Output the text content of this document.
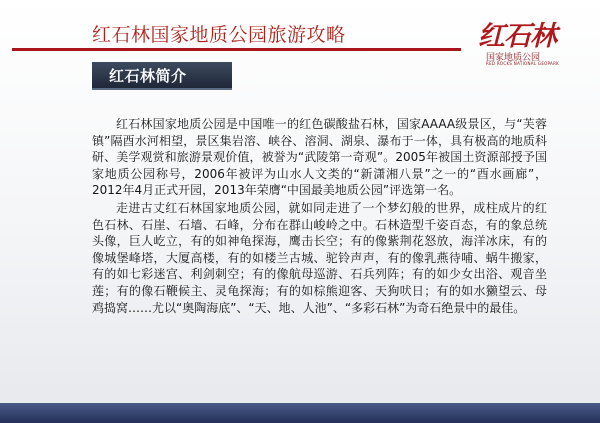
红石林国家地质公园旅游攻略	红石林
国家地质公园
RED ROCKS NATIONAL GEOPARK
红石林简介

红石林国家地质公园是中国唯一的红色碳酸盐石林，国家AAAA级景区，与“芙蓉镇”隔酉水河相望，景区集岩溶、峡谷、溶洞、湖泉、瀑布于一体，具有极高的地质科研、美学观赏和旅游景观价值，被誉为“武陵第一奇观”。2005年被国土资源部授予国家地质公园称号，2006年被评为山水人文类的“新潇湘八景”之一的“酉水画廊”，2012年4月正式开园，2013年荣膺“中国最美地质公园”评选第一名。

走进古丈红石林国家地质公园，就如同走进了一个梦幻般的世界，成柱成片的红色石林、石崖、石墙、石峰，分布在群山峻岭之中。石林造型千姿百态，有的象总统头像，巨人屹立，有的如神龟探海，鹰击长空；有的像紫荆花怒放，海洋冰床，有的像城堡峰塔，大厦高楼，有的如楼兰古城、驼铃声声，有的像乳燕待哺、蜗牛搬家，有的如七彩迷宫、利剑刺空；有的像航母巡游、石兵列阵；有的如少女出浴、观音坐莲；有的像石鞭候主、灵龟探海；有的如棕熊迎客、天狗吠日；有的如水獭望云、母鸡捣窝……尤以“奥陶海底”、“天、地、人池”、“多彩石林”为奇石绝景中的最佳。
